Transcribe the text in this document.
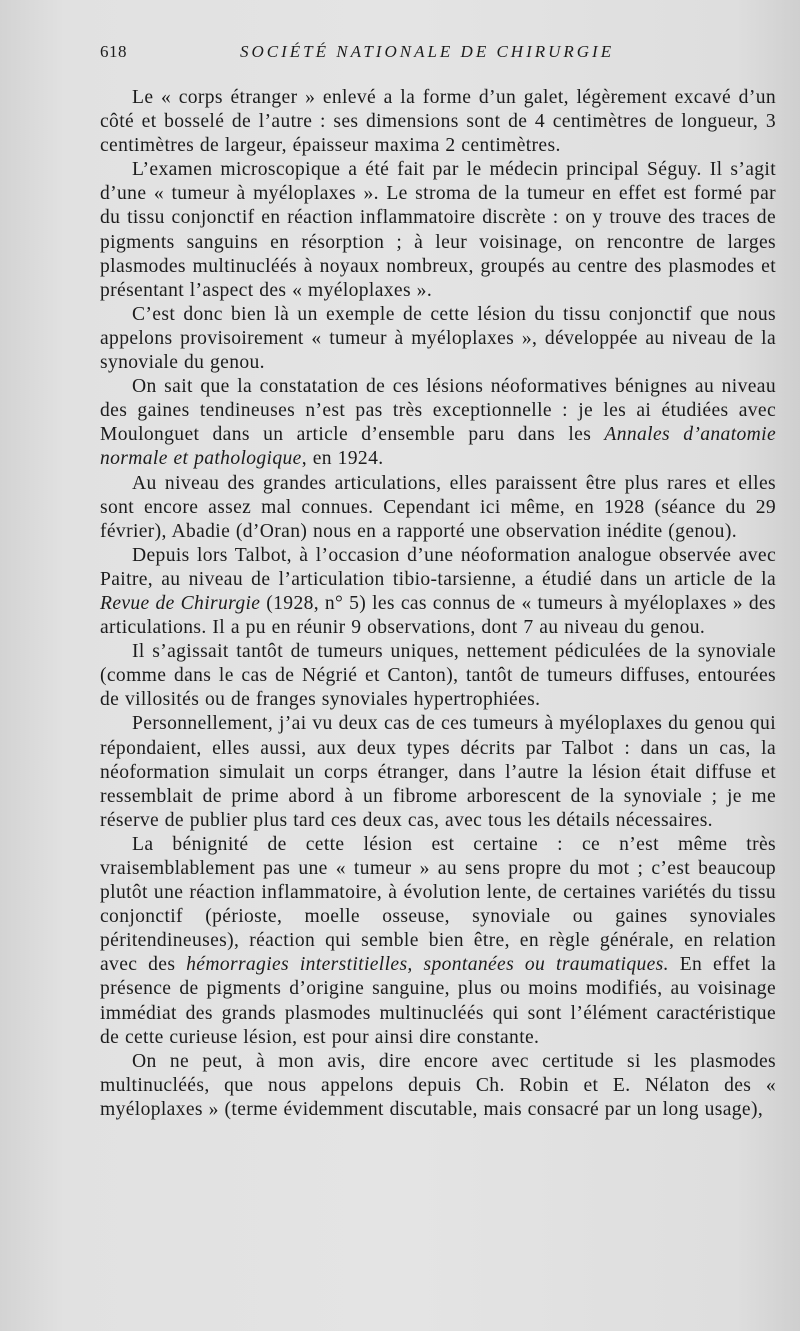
618	SOCIÉTÉ NATIONALE DE CHIRURGIE

Le « corps étranger » enlevé a la forme d’un galet, légèrement excavé d’un côté et bosselé de l’autre : ses dimensions sont de 4 centimètres de longueur, 3 centimètres de largeur, épaisseur maxima 2 centimètres.

L’examen microscopique a été fait par le médecin principal Séguy. Il s’agit d’une « tumeur à myéloplaxes ». Le stroma de la tumeur en effet est formé par du tissu conjonctif en réaction inflammatoire discrète : on y trouve des traces de pigments sanguins en résorption ; à leur voisinage, on rencontre de larges plasmodes multinucléés à noyaux nombreux, groupés au centre des plasmodes et présentant l’aspect des « myéloplaxes ».

C’est donc bien là un exemple de cette lésion du tissu conjonctif que nous appelons provisoirement « tumeur à myéloplaxes », développée au niveau de la synoviale du genou.

On sait que la constatation de ces lésions néoformatives bénignes au niveau des gaines tendineuses n’est pas très exceptionnelle : je les ai étudiées avec Moulonguet dans un article d’ensemble paru dans les Annales d’anatomie normale et pathologique, en 1924.

Au niveau des grandes articulations, elles paraissent être plus rares et elles sont encore assez mal connues. Cependant ici même, en 1928 (séance du 29 février), Abadie (d’Oran) nous en a rapporté une observation inédite (genou).

Depuis lors Talbot, à l’occasion d’une néoformation analogue observée avec Paitre, au niveau de l’articulation tibio-tarsienne, a étudié dans un article de la Revue de Chirurgie (1928, n° 5) les cas connus de « tumeurs à myéloplaxes » des articulations. Il a pu en réunir 9 observations, dont 7 au niveau du genou.

Il s’agissait tantôt de tumeurs uniques, nettement pédiculées de la synoviale (comme dans le cas de Négrié et Canton), tantôt de tumeurs diffuses, entourées de villosités ou de franges synoviales hypertrophiées.

Personnellement, j’ai vu deux cas de ces tumeurs à myéloplaxes du genou qui répondaient, elles aussi, aux deux types décrits par Talbot : dans un cas, la néoformation simulait un corps étranger, dans l’autre la lésion était diffuse et ressemblait de prime abord à un fibrome arborescent de la synoviale ; je me réserve de publier plus tard ces deux cas, avec tous les détails nécessaires.

La bénignité de cette lésion est certaine : ce n’est même très vraisemblablement pas une « tumeur » au sens propre du mot ; c’est beaucoup plutôt une réaction inflammatoire, à évolution lente, de certaines variétés du tissu conjonctif (périoste, moelle osseuse, synoviale ou gaines synoviales péritendineuses), réaction qui semble bien être, en règle générale, en relation avec des hémorragies interstitielles, spontanées ou traumatiques. En effet la présence de pigments d’origine sanguine, plus ou moins modifiés, au voisinage immédiat des grands plasmodes multinucléés qui sont l’élément caractéristique de cette curieuse lésion, est pour ainsi dire constante.

On ne peut, à mon avis, dire encore avec certitude si les plasmodes multinucléés, que nous appelons depuis Ch. Robin et E. Nélaton des « myéloplaxes » (terme évidemment discutable, mais consacré par un long usage),
